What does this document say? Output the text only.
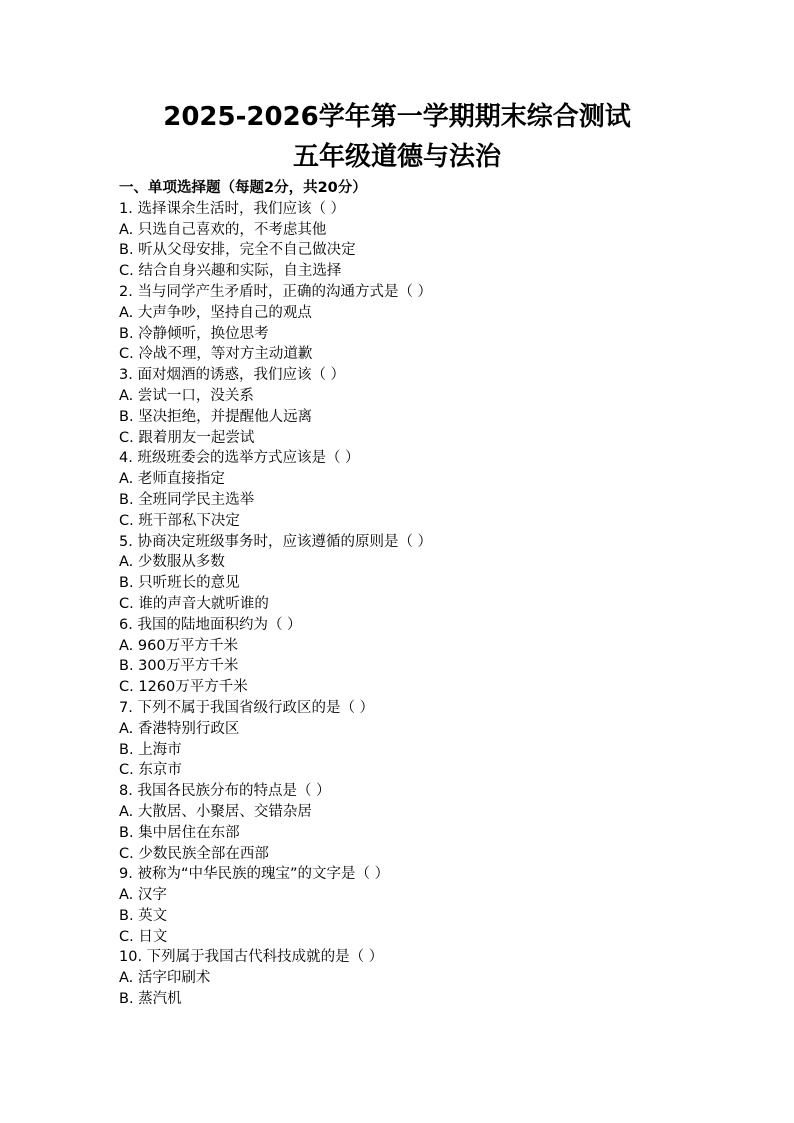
2025-2026学年第一学期期末综合测试
五年级道德与法治
一、单项选择题（每题2分，共20分）
1. 选择课余生活时，我们应该（ ）
A. 只选自己喜欢的，不考虑其他
B. 听从父母安排，完全不自己做决定
C. 结合自身兴趣和实际，自主选择
2. 当与同学产生矛盾时，正确的沟通方式是（ ）
A. 大声争吵，坚持自己的观点
B. 冷静倾听，换位思考
C. 冷战不理，等对方主动道歉
3. 面对烟酒的诱惑，我们应该（ ）
A. 尝试一口，没关系
B. 坚决拒绝，并提醒他人远离
C. 跟着朋友一起尝试
4. 班级班委会的选举方式应该是（ ）
A. 老师直接指定
B. 全班同学民主选举
C. 班干部私下决定
5. 协商决定班级事务时，应该遵循的原则是（ ）
A. 少数服从多数
B. 只听班长的意见
C. 谁的声音大就听谁的
6. 我国的陆地面积约为（ ）
A. 960万平方千米
B. 300万平方千米
C. 1260万平方千米
7. 下列不属于我国省级行政区的是（ ）
A. 香港特别行政区
B. 上海市
C. 东京市
8. 我国各民族分布的特点是（ ）
A. 大散居、小聚居、交错杂居
B. 集中居住在东部
C. 少数民族全部在西部
9. 被称为“中华民族的瑰宝”的文字是（ ）
A. 汉字
B. 英文
C. 日文
10. 下列属于我国古代科技成就的是（ ）
A. 活字印刷术
B. 蒸汽机
